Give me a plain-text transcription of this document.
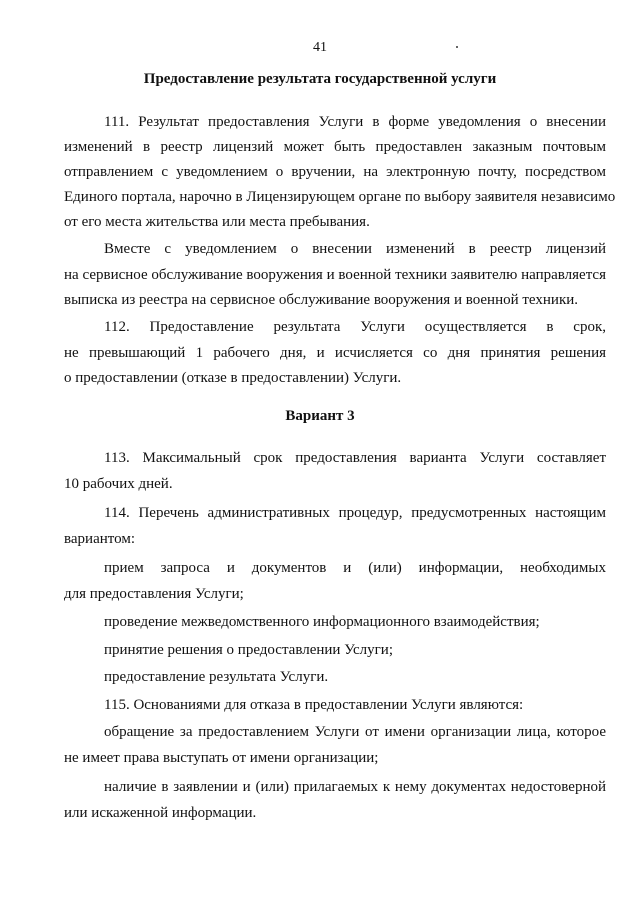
41
Предоставление результата государственной услуги
111. Результат предоставления Услуги в форме уведомления о внесении
изменений в реестр лицензий может быть предоставлен заказным почтовым
отправлением с уведомлением о вручении, на электронную почту, посредством
Единого портала, нарочно в Лицензирующем органе по выбору заявителя независимо
от его места жительства или места пребывания.
Вместе с уведомлением о внесении изменений в реестр лицензий
на сервисное обслуживание вооружения и военной техники заявителю направляется
выписка из реестра на сервисное обслуживание вооружения и военной техники.
112. Предоставление результата Услуги осуществляется в срок,
не превышающий 1 рабочего дня, и исчисляется со дня принятия решения
о предоставлении (отказе в предоставлении) Услуги.
Вариант 3
113. Максимальный срок предоставления варианта Услуги составляет
10 рабочих дней.
114. Перечень административных процедур, предусмотренных настоящим
вариантом:
прием запроса и документов и (или) информации, необходимых
для предоставления Услуги;
проведение межведомственного информационного взаимодействия;
принятие решения о предоставлении Услуги;
предоставление результата Услуги.
115. Основаниями для отказа в предоставлении Услуги являются:
обращение за предоставлением Услуги от имени организации лица, которое
не имеет права выступать от имени организации;
наличие в заявлении и (или) прилагаемых к нему документах недостоверной
или искаженной информации.
